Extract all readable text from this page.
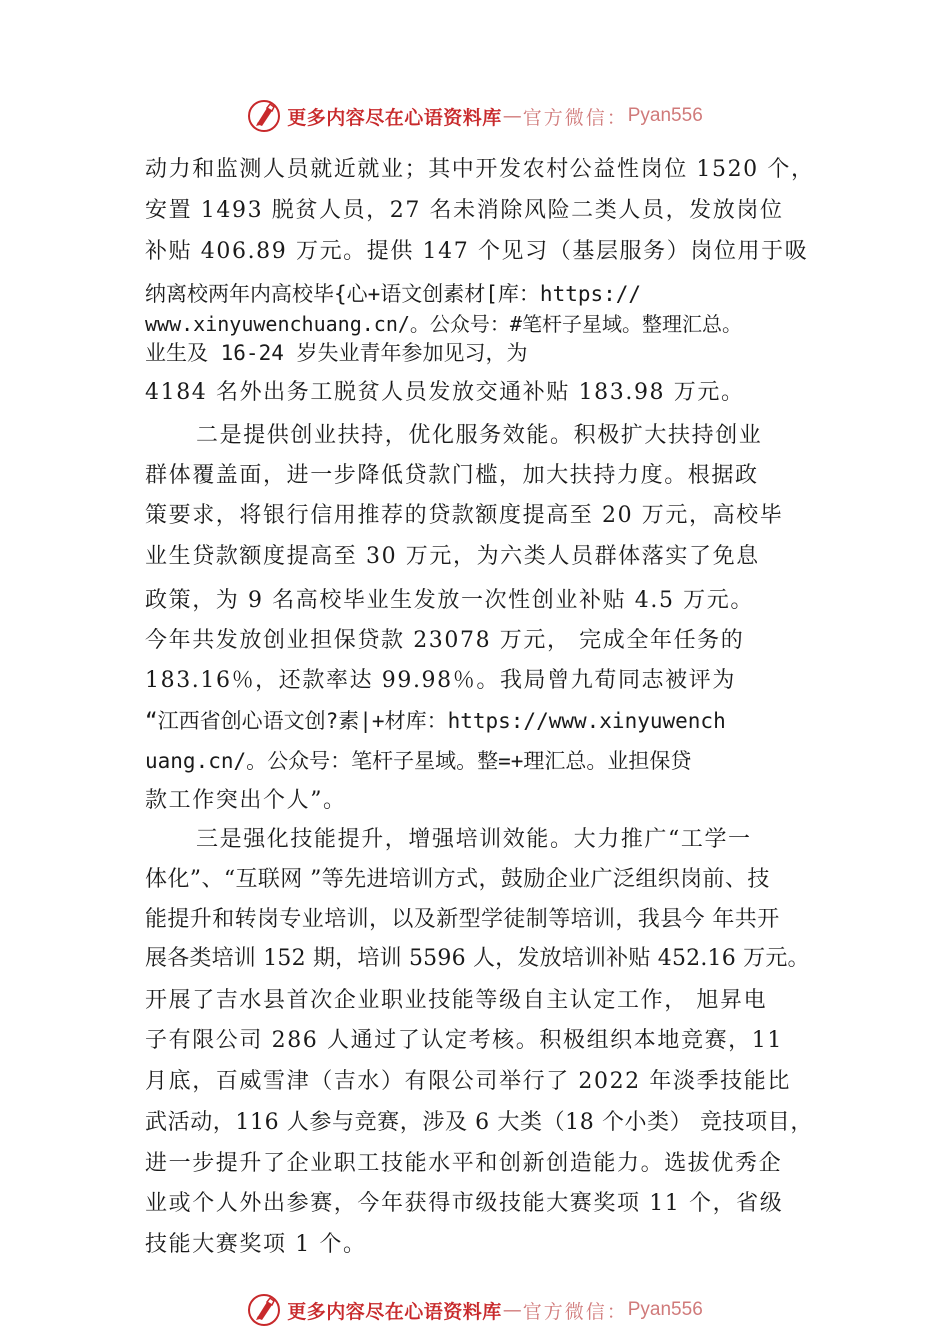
更多内容尽在心语资料库 — 官方微信： Pyan556
动力和监测人员就近就业；其中开发农村公益性岗位 1520 个，
安置 1493 脱贫人员，27 名未消除风险二类人员，发放岗位
补贴 406.89 万元。提供 147 个见习（基层服务）岗位用于吸
纳离校两年内高校毕{心+语文创素材[库：https://
www.xinyuwenchuang.cn/。公众号：#笔杆子星域。整理汇总。
业生及 16-24 岁失业青年参加见习，为
4184 名外出务工脱贫人员发放交通补贴 183.98 万元。
二是提供创业扶持，优化服务效能。积极扩大扶持创业
群体覆盖面，进一步降低贷款门槛，加大扶持力度。根据政
策要求，将银行信用推荐的贷款额度提高至 20 万元，高校毕
业生贷款额度提高至 30 万元，为六类人员群体落实了免息
政策，为 9 名高校毕业生发放一次性创业补贴 4.5 万元。
今年共发放创业担保贷款 23078 万元， 完成全年任务的
183.16％，还款率达 99.98％。我局曾九荀同志被评为
“江西省创心语文创?素|+材库：https://www.xinyuwench
uang.cn/。公众号：笔杆子星域。整=+理汇总。业担保贷
款工作突出个人”。
三是强化技能提升，增强培训效能。大力推广“工学一
体化”、“互联网 ”等先进培训方式，鼓励企业广泛组织岗前、技
能提升和转岗专业培训，以及新型学徒制等培训，我县今 年共开
展各类培训 152 期，培训 5596 人，发放培训补贴 452.16 万元。
开展了吉水县首次企业职业技能等级自主认定工作， 旭昇电
子有限公司 286 人通过了认定考核。积极组织本地竞赛，11
月底，百威雪津（吉水）有限公司举行了 2022 年淡季技能比
武活动，116 人参与竞赛，涉及 6 大类（18 个小类） 竞技项目，
进一步提升了企业职工技能水平和创新创造能力。选拔优秀企
业或个人外出参赛，今年获得市级技能大赛奖项 11 个，省级
技能大赛奖项 1 个。
更多内容尽在心语资料库 — 官方微信： Pyan556
